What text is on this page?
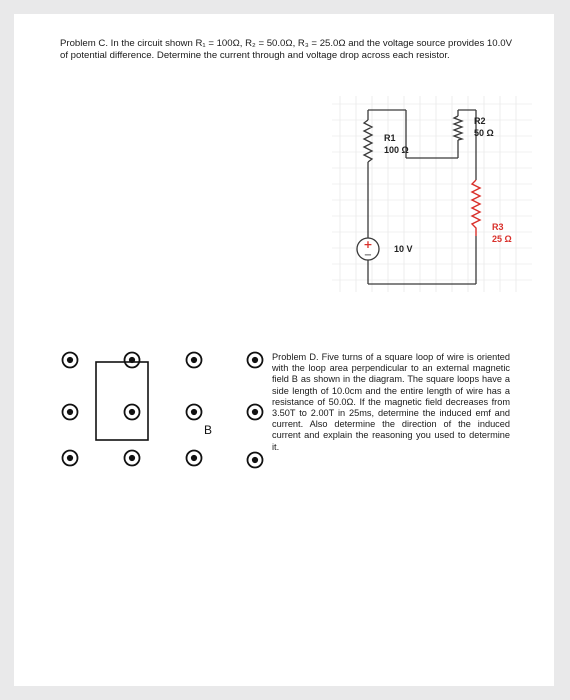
Problem C. In the circuit shown R₁ = 100Ω, R₂ = 50.0Ω, R₃ = 25.0Ω and the voltage source provides 10.0V of potential difference. Determine the current through and voltage drop across each resistor.

R1
100 Ω
R2
50 Ω
R3
25 Ω
+
−
10 V
B

Problem D. Five turns of a square loop of wire is oriented with the loop area perpendicular to an external magnetic field B as shown in the diagram. The square loops have a side length of 10.0cm and the entire length of wire has a resistance of 50.0Ω. If the magnetic field decreases from 3.50T to 2.00T in 25ms, determine the induced emf and current. Also determine the direction of the induced current and explain the reasoning you used to determine it.
